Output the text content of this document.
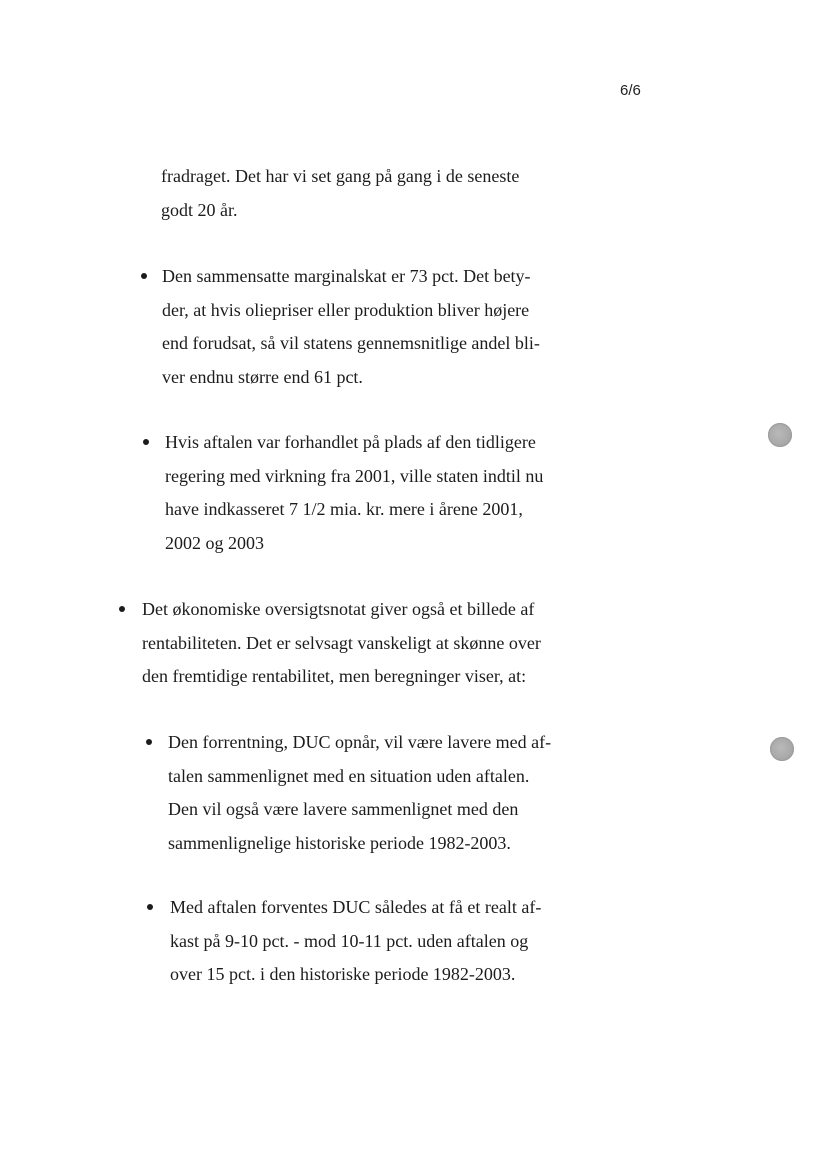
6/6

fradraget. Det har vi set gang på gang i de seneste

godt 20 år.

Den sammensatte marginalskat er 73 pct. Det bety-

der, at hvis oliepriser eller produktion bliver højere

end forudsat, så vil statens gennemsnitlige andel bli-

ver endnu større end 61 pct.

Hvis aftalen var forhandlet på plads af den tidligere

regering med virkning fra 2001, ville staten indtil nu

have indkasseret 7 1/2 mia. kr. mere i årene 2001,

2002 og 2003

Det økonomiske oversigtsnotat giver også et billede af

rentabiliteten. Det er selvsagt vanskeligt at skønne over

den fremtidige rentabilitet, men beregninger viser, at:

Den forrentning, DUC opnår, vil være lavere med af-

talen sammenlignet med en situation uden aftalen.

Den vil også være lavere sammenlignet med den

sammenlignelige historiske periode 1982-2003.

Med aftalen forventes DUC således at få et realt af-

kast på 9-10 pct. - mod 10-11 pct. uden aftalen og

over 15 pct. i den historiske periode 1982-2003.
